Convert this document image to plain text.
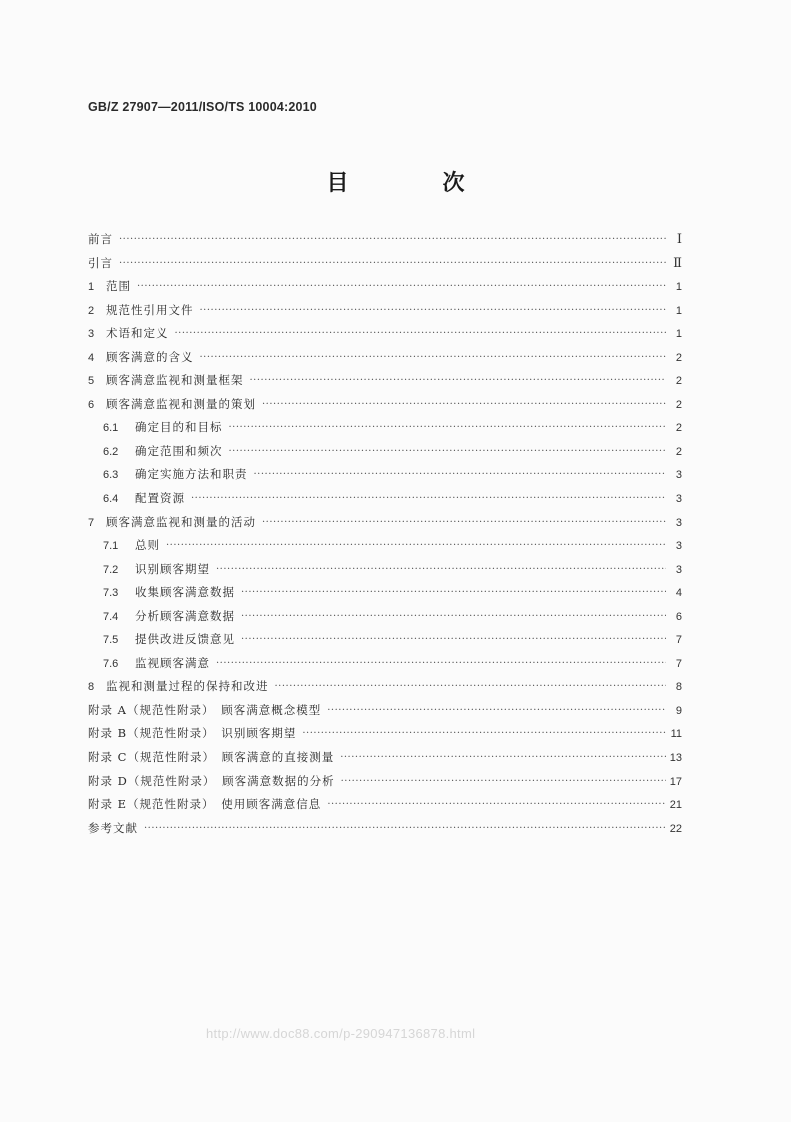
GB/Z 27907—2011/ISO/TS 10004:2010
目　次
前言 ·····	Ⅰ
引言 ·····	Ⅱ
1	范围 ·····	1
2	规范性引用文件 ·····	1
3	术语和定义 ·····	1
4	顾客满意的含义 ·····	2
5	顾客满意监视和测量框架 ·····	2
6	顾客满意监视和测量的策划 ·····	2
6.1	确定目的和目标 ·····	2
6.2	确定范围和频次 ·····	2
6.3	确定实施方法和职责 ·····	3
6.4	配置资源 ·····	3
7	顾客满意监视和测量的活动 ·····	3
7.1	总则 ·····	3
7.2	识别顾客期望 ·····	3
7.3	收集顾客满意数据 ·····	4
7.4	分析顾客满意数据 ·····	6
7.5	提供改进反馈意见 ·····	7
7.6	监视顾客满意 ·····	7
8	监视和测量过程的保持和改进 ·····	8
附录 A（规范性附录）　顾客满意概念模型 ·····	9
附录 B（规范性附录）　识别顾客期望 ·····	11
附录 C（规范性附录）　顾客满意的直接测量 ·····	13
附录 D（规范性附录）　顾客满意数据的分析 ·····	17
附录 E（规范性附录）　使用顾客满意信息 ·····	21
参考文献 ·····	22
http://www.doc88.com/p-290947136878.html
